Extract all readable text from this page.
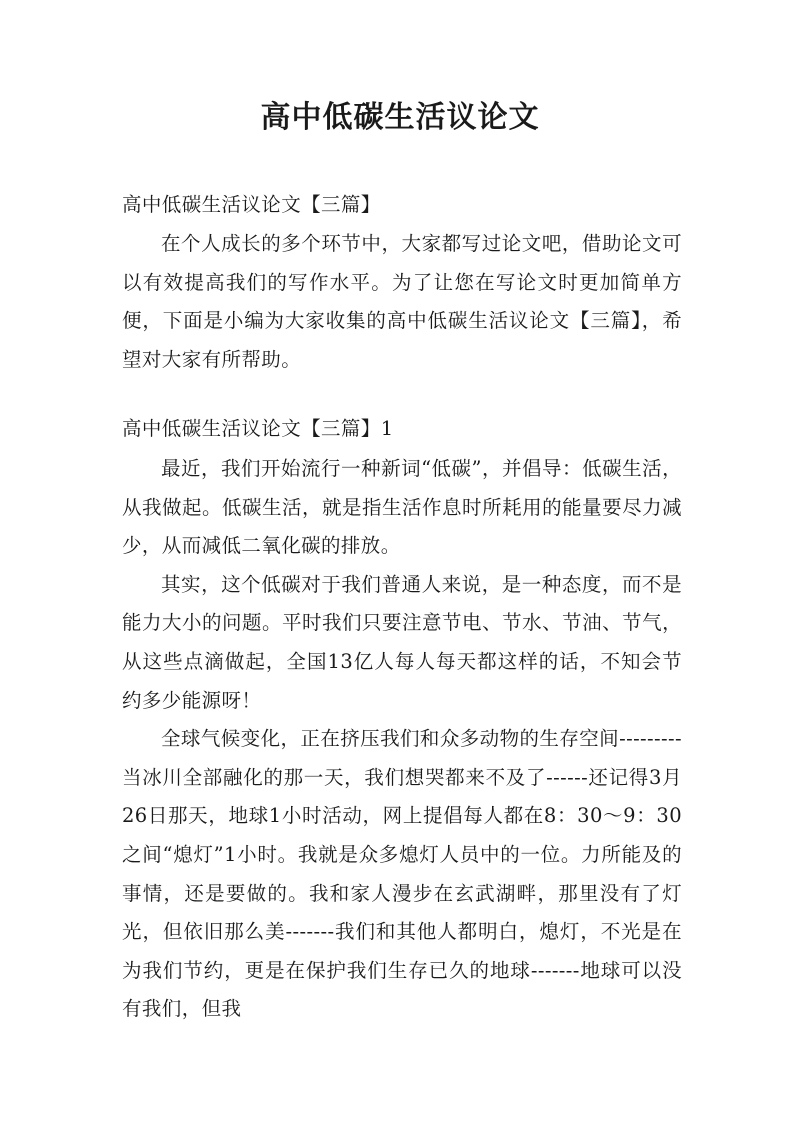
高中低碳生活议论文

高中低碳生活议论文【三篇】

在个人成长的多个环节中，大家都写过论文吧，借助论文可以有效提高我们的写作水平。为了让您在写论文时更加简单方便，下面是小编为大家收集的高中低碳生活议论文【三篇】，希望对大家有所帮助。

高中低碳生活议论文【三篇】1

最近，我们开始流行一种新词“低碳”，并倡导：低碳生活，从我做起。低碳生活，就是指生活作息时所耗用的能量要尽力减少，从而减低二氧化碳的排放。

其实，这个低碳对于我们普通人来说，是一种态度，而不是能力大小的问题。平时我们只要注意节电、节水、节油、节气，从这些点滴做起，全国13亿人每人每天都这样的话，不知会节约多少能源呀！

全球气候变化，正在挤压我们和众多动物的生存空间---------当冰川全部融化的那一天，我们想哭都来不及了------还记得3月26日那天，地球1小时活动，网上提倡每人都在8：30～9：30之间“熄灯”1小时。我就是众多熄灯人员中的一位。力所能及的事情，还是要做的。我和家人漫步在玄武湖畔，那里没有了灯光，但依旧那么美-------我们和其他人都明白，熄灯，不光是在为我们节约，更是在保护我们生存已久的地球-------地球可以没有我们，但我
